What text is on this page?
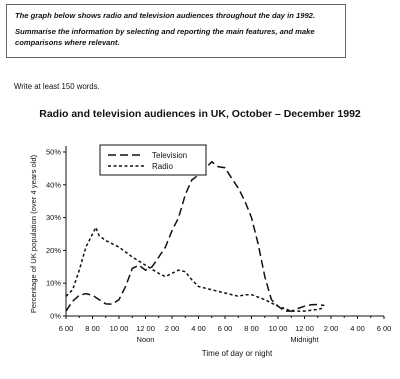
The graph below shows radio and television audiences throughout the day in 1992.

Summarise the information by selecting and reporting the main features, and make comparisons where relevant.

Write at least 150 words.
Radio and television audiences in UK, October – December 1992
0%
10%
20%
30%
40%
50%
6 00 8 00 10 00 12 00 2 00 4 00 6 00 8 00 10 00 12 00 2 00 4 00 6 00
Noon	Midnight
Time of day or night
Percentage of UK population (over 4 years old)	Television
Radio
